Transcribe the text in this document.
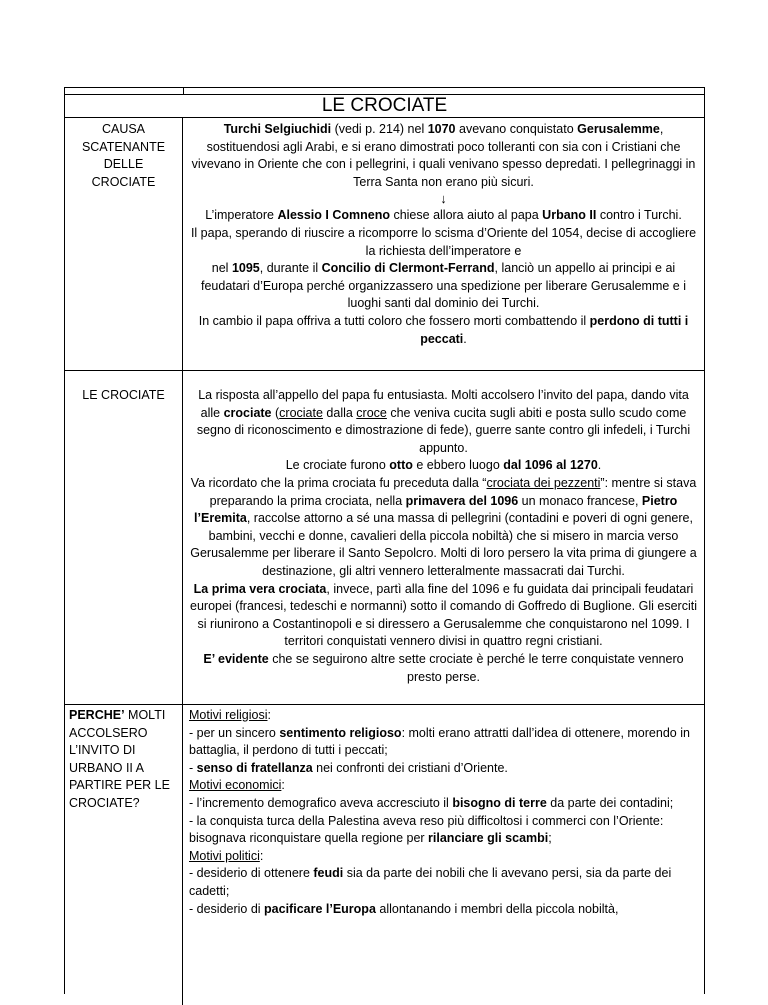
LE CROCIATE
CAUSA
SCATENANTE
DELLE
CROCIATE

Turchi Selgiuchidi (vedi p. 214) nel 1070 avevano conquistato Gerusalemme, sostituendosi agli Arabi, e si erano dimostrati poco tolleranti con sia con i Cristiani che vivevano in Oriente che con i pellegrini, i quali venivano spesso depredati. I pellegrinaggi in Terra Santa non erano più sicuri.

↓

L’imperatore Alessio I Comneno chiese allora aiuto al papa Urbano II contro i Turchi.

Il papa, sperando di riuscire a ricomporre lo scisma d’Oriente del 1054, decise di accogliere la richiesta dell’imperatore e

nel 1095, durante il Concilio di Clermont-Ferrand, lanciò un appello ai principi e ai feudatari d’Europa perché organizzassero una spedizione per liberare Gerusalemme e i luoghi santi dal dominio dei Turchi.

In cambio il papa offriva a tutti coloro che fossero morti combattendo il perdono di tutti i peccati.

LE CROCIATE	La risposta all’appello del papa fu entusiasta. Molti accolsero l’invito del papa, dando vita alle crociate (crociate dalla croce che veniva cucita sugli abiti e posta sullo scudo come segno di riconoscimento e dimostrazione di fede), guerre sante contro gli infedeli, i Turchi appunto.

Le crociate furono otto e ebbero luogo dal 1096 al 1270.

Va ricordato che la prima crociata fu preceduta dalla “crociata dei pezzenti”: mentre si stava preparando la prima crociata, nella primavera del 1096 un monaco francese, Pietro l’Eremita, raccolse attorno a sé una massa di pellegrini (contadini e poveri di ogni genere, bambini, vecchi e donne, cavalieri della piccola nobiltà) che si misero in marcia verso Gerusalemme per liberare il Santo Sepolcro. Molti di loro persero la vita prima di giungere a destinazione, gli altri vennero letteralmente massacrati dai Turchi.

La prima vera crociata, invece, partì alla fine del 1096 e fu guidata dai principali feudatari europei (francesi, tedeschi e normanni) sotto il comando di Goffredo di Buglione. Gli eserciti si riunirono a Costantinopoli e si diressero a Gerusalemme che conquistarono nel 1099. I territori conquistati vennero divisi in quattro regni cristiani.

E’ evidente che se seguirono altre sette crociate è perché le terre conquistate vennero presto perse.

PERCHE’ MOLTI ACCOLSERO L’INVITO DI URBANO II A PARTIRE PER LE CROCIATE?

Motivi religiosi:

- per un sincero sentimento religioso: molti erano attratti dall’idea di ottenere, morendo in battaglia, il perdono di tutti i peccati;

- senso di fratellanza nei confronti dei cristiani d’Oriente.

Motivi economici:

- l’incremento demografico aveva accresciuto il bisogno di terre da parte dei contadini;

- la conquista turca della Palestina aveva reso più difficoltosi i commerci con l’Oriente: bisognava riconquistare quella regione per rilanciare gli scambi;

Motivi politici:

- desiderio di ottenere feudi sia da parte dei nobili che li avevano persi, sia da parte dei cadetti;

- desiderio di pacificare l’Europa allontanando i membri della piccola nobiltà,
